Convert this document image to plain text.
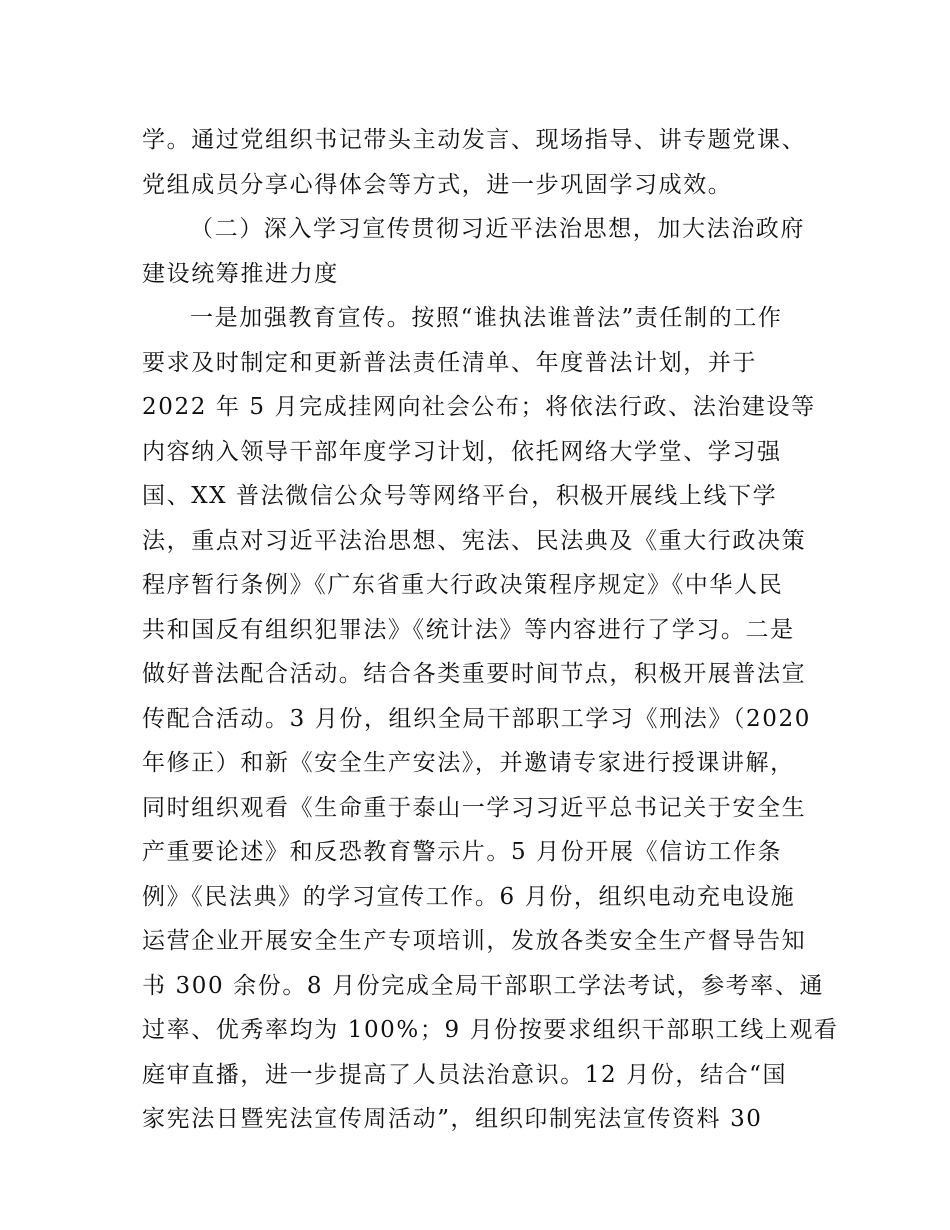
学。通过党组织书记带头主动发言、现场指导、讲专题党课、
党组成员分享心得体会等方式，进一步巩固学习成效。
（二）深入学习宣传贯彻习近平法治思想，加大法治政府
建设统筹推进力度
一是加强教育宣传。按照“谁执法谁普法”责任制的工作
要求及时制定和更新普法责任清单、年度普法计划，并于
2022 年 5 月完成挂网向社会公布；将依法行政、法治建设等
内容纳入领导干部年度学习计划，依托网络大学堂、学习强
国、XX 普法微信公众号等网络平台，积极开展线上线下学
法，重点对习近平法治思想、宪法、民法典及《重大行政决策
程序暂行条例》《广东省重大行政决策程序规定》《中华人民
共和国反有组织犯罪法》《统计法》等内容进行了学习。二是
做好普法配合活动。结合各类重要时间节点，积极开展普法宣
传配合活动。3 月份，组织全局干部职工学习《刑法》（2020
年修正）和新《安全生产安法》，并邀请专家进行授课讲解，
同时组织观看《生命重于泰山一学习习近平总书记关于安全生
产重要论述》和反恐教育警示片。5 月份开展《信访工作条
例》《民法典》的学习宣传工作。6 月份，组织电动充电设施
运营企业开展安全生产专项培训，发放各类安全生产督导告知
书 300 余份。8 月份完成全局干部职工学法考试，参考率、通
过率、优秀率均为 100%；9 月份按要求组织干部职工线上观看
庭审直播，进一步提高了人员法治意识。12 月份，结合“国
家宪法日暨宪法宣传周活动”，组织印制宪法宣传资料 30
